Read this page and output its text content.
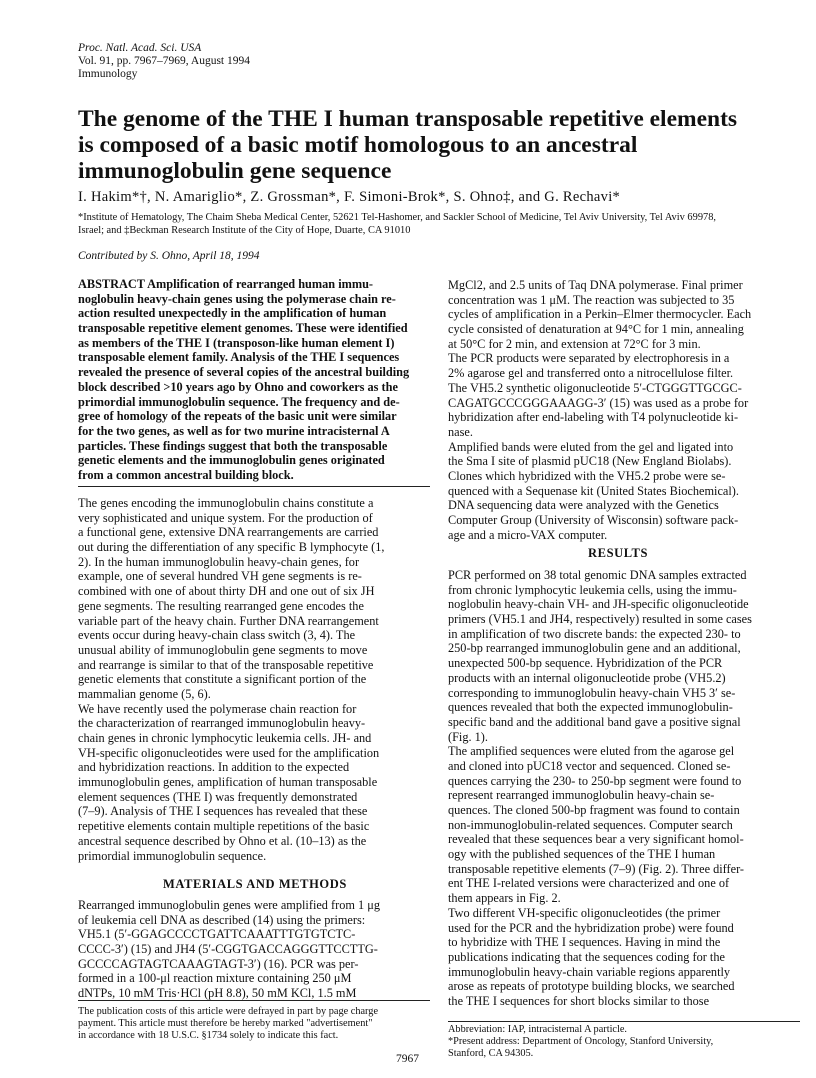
Proc. Natl. Acad. Sci. USA
Vol. 91, pp. 7967–7969, August 1994
Immunology
The genome of the THE I human transposable repetitive elements
is composed of a basic motif homologous to an ancestral
immunoglobulin gene sequence
I. Hakim*†, N. Amariglio*, Z. Grossman*, F. Simoni-Brok*, S. Ohno‡, and G. Rechavi*
*Institute of Hematology, The Chaim Sheba Medical Center, 52621 Tel-Hashomer, and Sackler School of Medicine, Tel Aviv University, Tel Aviv 69978,
Israel; and ‡Beckman Research Institute of the City of Hope, Duarte, CA 91010
Contributed by S. Ohno, April 18, 1994
ABSTRACT Amplification of rearranged human immu-
noglobulin heavy-chain genes using the polymerase chain re-
action resulted unexpectedly in the amplification of human
transposable repetitive element genomes. These were identified
as members of the THE I (transposon-like human element I)
transposable element family. Analysis of the THE I sequences
revealed the presence of several copies of the ancestral building
block described >10 years ago by Ohno and coworkers as the
primordial immunoglobulin sequence. The frequency and de-
gree of homology of the repeats of the basic unit were similar
for the two genes, as well as for two murine intracisternal A
particles. These findings suggest that both the transposable
genetic elements and the immunoglobulin genes originated
from a common ancestral building block.
The genes encoding the immunoglobulin chains constitute a
very sophisticated and unique system. For the production of
a functional gene, extensive DNA rearrangements are carried
out during the differentiation of any specific B lymphocyte (1,
2). In the human immunoglobulin heavy-chain genes, for
example, one of several hundred VH gene segments is re-
combined with one of about thirty DH and one out of six JH
gene segments. The resulting rearranged gene encodes the
variable part of the heavy chain. Further DNA rearrangement
events occur during heavy-chain class switch (3, 4). The
unusual ability of immunoglobulin gene segments to move
and rearrange is similar to that of the transposable repetitive
genetic elements that constitute a significant portion of the
mammalian genome (5, 6).
We have recently used the polymerase chain reaction for
the characterization of rearranged immunoglobulin heavy-
chain genes in chronic lymphocytic leukemia cells. JH- and
VH-specific oligonucleotides were used for the amplification
and hybridization reactions. In addition to the expected
immunoglobulin genes, amplification of human transposable
element sequences (THE I) was frequently demonstrated
(7–9). Analysis of THE I sequences has revealed that these
repetitive elements contain multiple repetitions of the basic
ancestral sequence described by Ohno et al. (10–13) as the
primordial immunoglobulin sequence.
MATERIALS AND METHODS
Rearranged immunoglobulin genes were amplified from 1 μg
of leukemia cell DNA as described (14) using the primers:
VH5.1 (5′-GGAGCCCCTGATTCAAATTTGTGTCTC-
CCCC-3′) (15) and JH4 (5′-CGGTGACCAGGGTTCCTTG-
GCCCCAGTAGTCAAAGTAGT-3′) (16). PCR was per-
formed in a 100-μl reaction mixture containing 250 μM
dNTPs, 10 mM Tris·HCl (pH 8.8), 50 mM KCl, 1.5 mM
The publication costs of this article were defrayed in part by page charge
payment. This article must therefore be hereby marked "advertisement"
in accordance with 18 U.S.C. §1734 solely to indicate this fact.
MgCl2, and 2.5 units of Taq DNA polymerase. Final primer
concentration was 1 μM. The reaction was subjected to 35
cycles of amplification in a Perkin–Elmer thermocycler. Each
cycle consisted of denaturation at 94°C for 1 min, annealing
at 50°C for 2 min, and extension at 72°C for 3 min.
The PCR products were separated by electrophoresis in a
2% agarose gel and transferred onto a nitrocellulose filter.
The VH5.2 synthetic oligonucleotide 5′-CTGGGTTGCGC-
CAGATGCCCGGGAAAGG-3′ (15) was used as a probe for
hybridization after end-labeling with T4 polynucleotide ki-
nase.
Amplified bands were eluted from the gel and ligated into
the Sma I site of plasmid pUC18 (New England Biolabs).
Clones which hybridized with the VH5.2 probe were se-
quenced with a Sequenase kit (United States Biochemical).
DNA sequencing data were analyzed with the Genetics
Computer Group (University of Wisconsin) software pack-
age and a micro-VAX computer.
RESULTS
PCR performed on 38 total genomic DNA samples extracted
from chronic lymphocytic leukemia cells, using the immu-
noglobulin heavy-chain VH- and JH-specific oligonucleotide
primers (VH5.1 and JH4, respectively) resulted in some cases
in amplification of two discrete bands: the expected 230- to
250-bp rearranged immunoglobulin gene and an additional,
unexpected 500-bp sequence. Hybridization of the PCR
products with an internal oligonucleotide probe (VH5.2)
corresponding to immunoglobulin heavy-chain VH5 3′ se-
quences revealed that both the expected immunoglobulin-
specific band and the additional band gave a positive signal
(Fig. 1).
The amplified sequences were eluted from the agarose gel
and cloned into pUC18 vector and sequenced. Cloned se-
quences carrying the 230- to 250-bp segment were found to
represent rearranged immunoglobulin heavy-chain se-
quences. The cloned 500-bp fragment was found to contain
non-immunoglobulin-related sequences. Computer search
revealed that these sequences bear a very significant homol-
ogy with the published sequences of the THE I human
transposable repetitive elements (7–9) (Fig. 2). Three differ-
ent THE I-related versions were characterized and one of
them appears in Fig. 2.
Two different VH-specific oligonucleotides (the primer
used for the PCR and the hybridization probe) were found
to hybridize with THE I sequences. Having in mind the
publications indicating that the sequences coding for the
immunoglobulin heavy-chain variable regions apparently
arose as repeats of prototype building blocks, we searched
the THE I sequences for short blocks similar to those
Abbreviation: IAP, intracisternal A particle.
*Present address: Department of Oncology, Stanford University,
Stanford, CA 94305.
7967
